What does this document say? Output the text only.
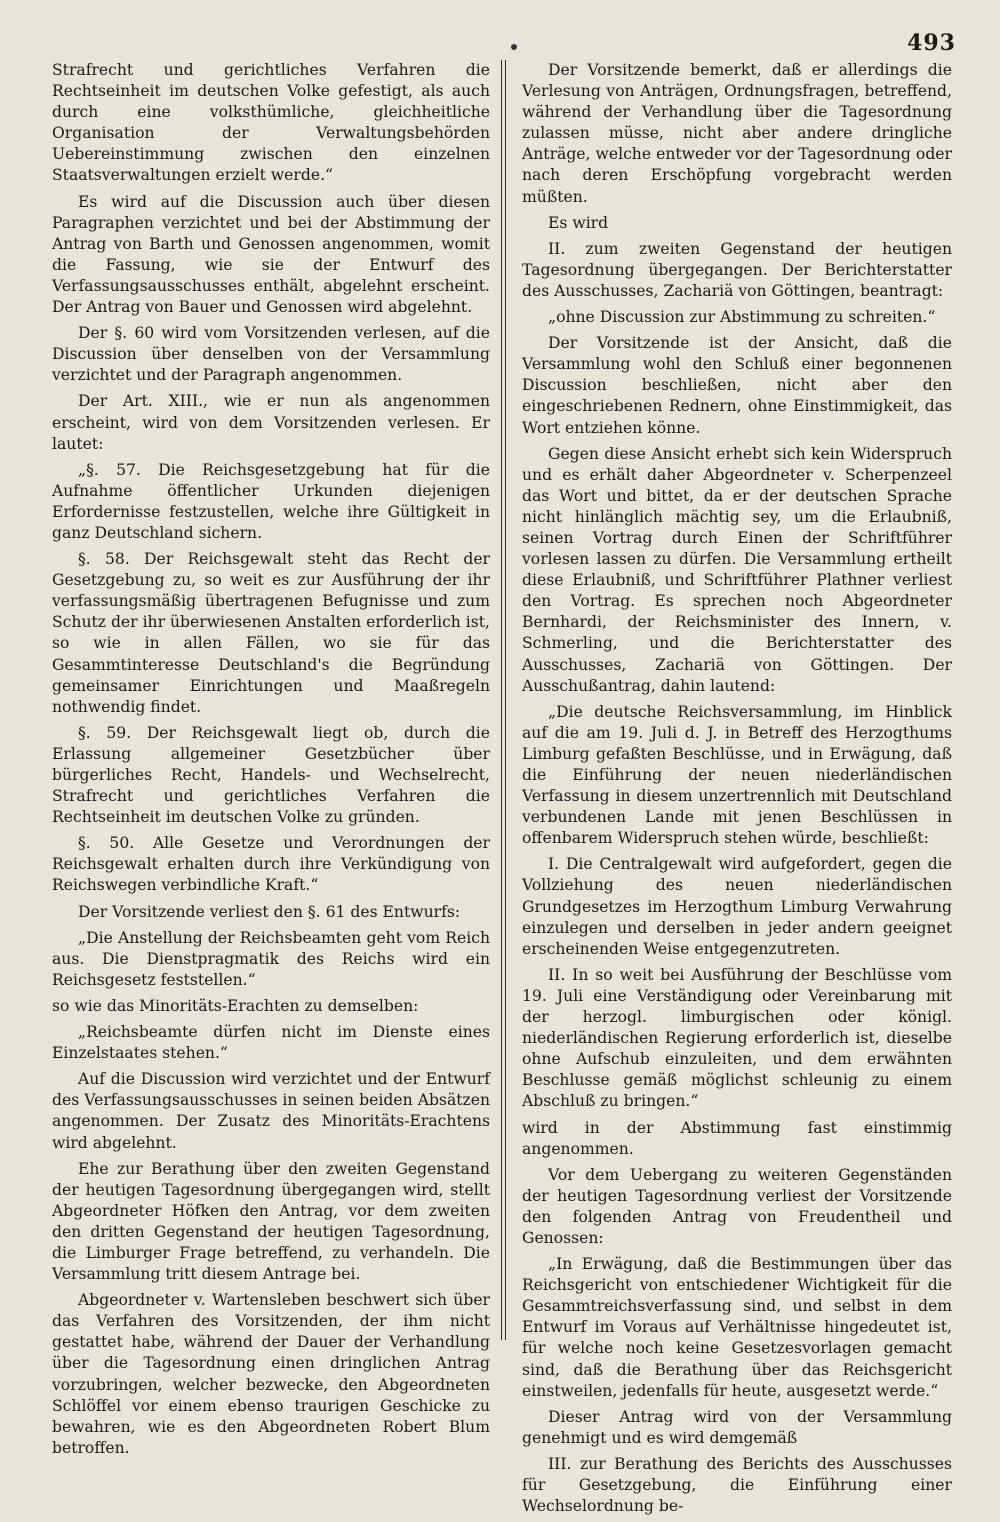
493

Strafrecht und gerichtliches Verfahren die Rechtseinheit im deutschen Volke gefestigt, als auch durch eine volksthümliche, gleichheitliche Organisation der Verwaltungsbehörden Uebereinstimmung zwischen den einzelnen Staatsverwaltungen erzielt werde.“

Es wird auf die Discussion auch über diesen Paragraphen verzichtet und bei der Abstimmung der Antrag von Barth und Genossen angenommen, womit die Fassung, wie sie der Entwurf des Verfassungsausschusses enthält, abgelehnt erscheint. Der Antrag von Bauer und Genossen wird abgelehnt.

Der §. 60 wird vom Vorsitzenden verlesen, auf die Discussion über denselben von der Versammlung verzichtet und der Paragraph angenommen.

Der Art. XIII., wie er nun als angenommen erscheint, wird von dem Vorsitzenden verlesen. Er lautet:

„§. 57. Die Reichsgesetzgebung hat für die Aufnahme öffentlicher Urkunden diejenigen Erfordernisse festzustellen, welche ihre Gültigkeit in ganz Deutschland sichern.

§. 58. Der Reichsgewalt steht das Recht der Gesetzgebung zu, so weit es zur Ausführung der ihr verfassungsmäßig übertragenen Befugnisse und zum Schutz der ihr überwiesenen Anstalten erforderlich ist, so wie in allen Fällen, wo sie für das Gesammtinteresse Deutschland's die Begründung gemeinsamer Einrichtungen und Maaßregeln nothwendig findet.

§. 59. Der Reichsgewalt liegt ob, durch die Erlassung allgemeiner Gesetzbücher über bürgerliches Recht, Handels- und Wechselrecht, Strafrecht und gerichtliches Verfahren die Rechtseinheit im deutschen Volke zu gründen.

§. 50. Alle Gesetze und Verordnungen der Reichsgewalt erhalten durch ihre Verkündigung von Reichswegen verbindliche Kraft.“

Der Vorsitzende verliest den §. 61 des Entwurfs:

„Die Anstellung der Reichsbeamten geht vom Reich aus. Die Dienstpragmatik des Reichs wird ein Reichsgesetz feststellen.“

so wie das Minoritäts-Erachten zu demselben:

„Reichsbeamte dürfen nicht im Dienste eines Einzelstaates stehen.“

Auf die Discussion wird verzichtet und der Entwurf des Verfassungsausschusses in seinen beiden Absätzen angenommen. Der Zusatz des Minoritäts-Erachtens wird abgelehnt.

Ehe zur Berathung über den zweiten Gegenstand der heutigen Tagesordnung übergegangen wird, stellt Abgeordneter Höfken den Antrag, vor dem zweiten den dritten Gegenstand der heutigen Tagesordnung, die Limburger Frage betreffend, zu verhandeln. Die Versammlung tritt diesem Antrage bei.

Abgeordneter v. Wartensleben beschwert sich über das Verfahren des Vorsitzenden, der ihm nicht gestattet habe, während der Dauer der Verhandlung über die Tagesordnung einen dringlichen Antrag vorzubringen, welcher bezwecke, den Abgeordneten Schlöffel vor einem ebenso traurigen Geschicke zu bewahren, wie es den Abgeordneten Robert Blum betroffen.

Der Vorsitzende bemerkt, daß er allerdings die Verlesung von Anträgen, Ordnungsfragen, betreffend, während der Verhandlung über die Tagesordnung zulassen müsse, nicht aber andere dringliche Anträge, welche entweder vor der Tagesordnung oder nach deren Erschöpfung vorgebracht werden müßten.

Es wird

II. zum zweiten Gegenstand der heutigen Tagesordnung übergegangen. Der Berichterstatter des Ausschusses, Zachariä von Göttingen, beantragt:

„ohne Discussion zur Abstimmung zu schreiten.“

Der Vorsitzende ist der Ansicht, daß die Versammlung wohl den Schluß einer begonnenen Discussion beschließen, nicht aber den eingeschriebenen Rednern, ohne Einstimmigkeit, das Wort entziehen könne.

Gegen diese Ansicht erhebt sich kein Widerspruch und es erhält daher Abgeordneter v. Scherpenzeel das Wort und bittet, da er der deutschen Sprache nicht hinlänglich mächtig sey, um die Erlaubniß, seinen Vortrag durch Einen der Schriftführer vorlesen lassen zu dürfen. Die Versammlung ertheilt diese Erlaubniß, und Schriftführer Plathner verliest den Vortrag. Es sprechen noch Abgeordneter Bernhardi, der Reichsminister des Innern, v. Schmerling, und die Berichterstatter des Ausschusses, Zachariä von Göttingen. Der Ausschußantrag, dahin lautend:

„Die deutsche Reichsversammlung, im Hinblick auf die am 19. Juli d. J. in Betreff des Herzogthums Limburg gefaßten Beschlüsse, und in Erwägung, daß die Einführung der neuen niederländischen Verfassung in diesem unzertrennlich mit Deutschland verbundenen Lande mit jenen Beschlüssen in offenbarem Widerspruch stehen würde, beschließt:

I. Die Centralgewalt wird aufgefordert, gegen die Vollziehung des neuen niederländischen Grundgesetzes im Herzogthum Limburg Verwahrung einzulegen und derselben in jeder andern geeignet erscheinenden Weise entgegenzutreten.

II. In so weit bei Ausführung der Beschlüsse vom 19. Juli eine Verständigung oder Vereinbarung mit der herzogl. limburgischen oder königl. niederländischen Regierung erforderlich ist, dieselbe ohne Aufschub einzuleiten, und dem erwähnten Beschlusse gemäß möglichst schleunig zu einem Abschluß zu bringen.“

wird in der Abstimmung fast einstimmig angenommen.

Vor dem Uebergang zu weiteren Gegenständen der heutigen Tagesordnung verliest der Vorsitzende den folgenden Antrag von Freudentheil und Genossen:

„In Erwägung, daß die Bestimmungen über das Reichsgericht von entschiedener Wichtigkeit für die Gesammtreichsverfassung sind, und selbst in dem Entwurf im Voraus auf Verhältnisse hingedeutet ist, für welche noch keine Gesetzesvorlagen gemacht sind, daß die Berathung über das Reichsgericht einstweilen, jedenfalls für heute, ausgesetzt werde.“

Dieser Antrag wird von der Versammlung genehmigt und es wird demgemäß

III. zur Berathung des Berichts des Ausschusses für Gesetzgebung, die Einführung einer Wechselordnung be-
